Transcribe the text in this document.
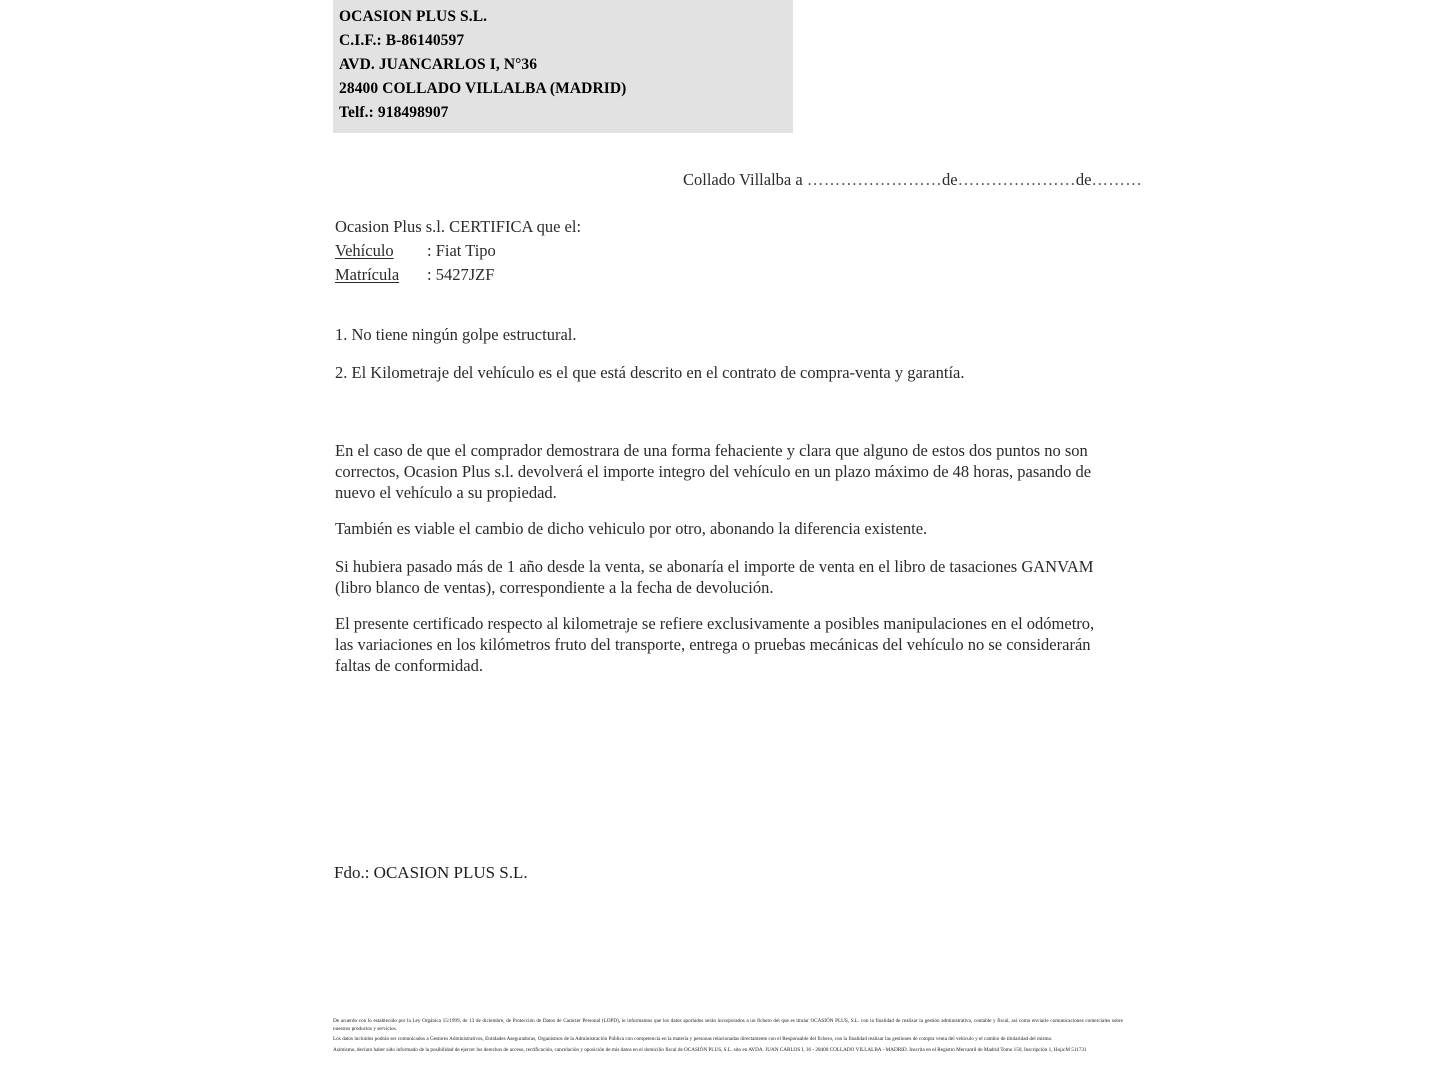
OCASION PLUS S.L.
C.I.F.: B-86140597
AVD. JUANCARLOS I, N°36
28400 COLLADO VILLALBA (MADRID)
Telf.: 918498907
Collado Villalba a ……………………de…………………de………
Ocasion Plus s.l. CERTIFICA que el:
Vehículo	: Fiat Tipo
Matrícula	: 5427JZF
1. No tiene ningún golpe estructural.
2. El Kilometraje del vehículo es el que está descrito en el contrato de compra-venta y garantía.
En el caso de que el comprador demostrara de una forma fehaciente y clara que alguno de estos dos puntos no son correctos, Ocasion Plus s.l. devolverá el importe integro del vehículo en un plazo máximo de 48 horas, pasando de nuevo el vehículo a su propiedad.
También es viable el cambio de dicho vehiculo por otro, abonando la diferencia existente.
Si hubiera pasado más de 1 año desde la venta, se abonaría el importe de venta en el libro de tasaciones GANVAM (libro blanco de ventas), correspondiente a la fecha de devolución.
El presente certificado respecto al kilometraje se refiere exclusivamente a posibles manipulaciones en el odómetro, las variaciones en los kilómetros fruto del transporte, entrega o pruebas mecánicas del vehículo no se considerarán faltas de conformidad.
Fdo.: OCASION PLUS S.L.

De acuerdo con lo establecido por la Ley Orgánica 15/1999, de 13 de diciembre, de Protección de Datos de Carácter Personal (LOPD), le informamos que los datos aportados serán incorporados a un fichero del que es titular OCASIÓN PLUS, S.L. con la finalidad de realizar la gestión administrativa, contable y fiscal, así como enviarle comunicaciones comerciales sobre nuestros productos y servicios.

Los datos incluidos podrán ser comunicados a Gestores Administrativos, Entidades Aseguradoras, Organismos de la Administración Pública con competencia en la materia y personas relacionadas directamente con el Responsable del fichero, con la finalidad realizar las gestiones de compra venta del vehículo y el cambio de titularidad del mismo.

Asimismo, declaro haber sido informado de la posibilidad de ejercer los derechos de acceso, rectificación, cancelación y oposición de mis datos en el domicilio fiscal de OCASIÓN PLUS, S.L. sito en AVDA. JUAN CARLOS I, 36 - 28400 COLLADO VILLALBA - MADRID. Inscrita en el Registro Mercantil de Madrid Tomo 150, Inscripción 1, Hoja:M 511731
